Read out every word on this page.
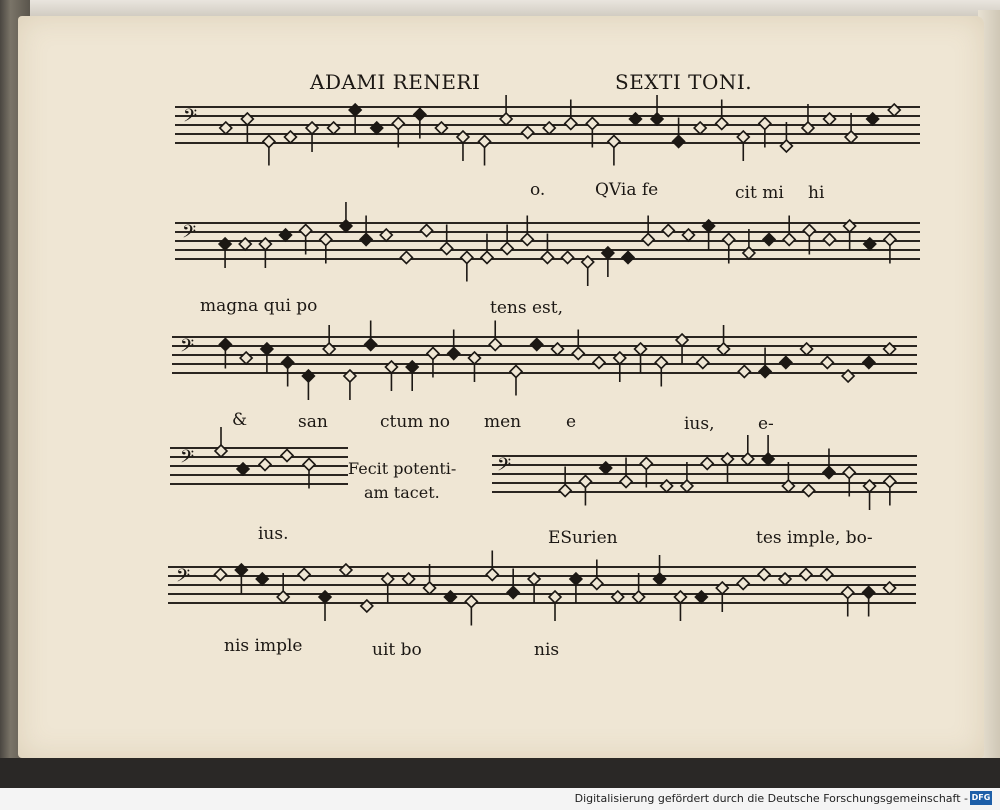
ADAMI RENERI	SEXTI TONI.
𝄢
𝄢
𝄢
𝄢	𝄢
𝄢
o.	QVia fe	cit mi hi
magna qui po	tens est,
&	san	ctum no men	e	ius,	e-
ius.
Fecit potenti-
am tacet.
ESurien	tes imple, bo-
nis imple	uit bo	nis
Digitalisierung gefördert durch die Deutsche Forschungsgemeinschaft - DFG
